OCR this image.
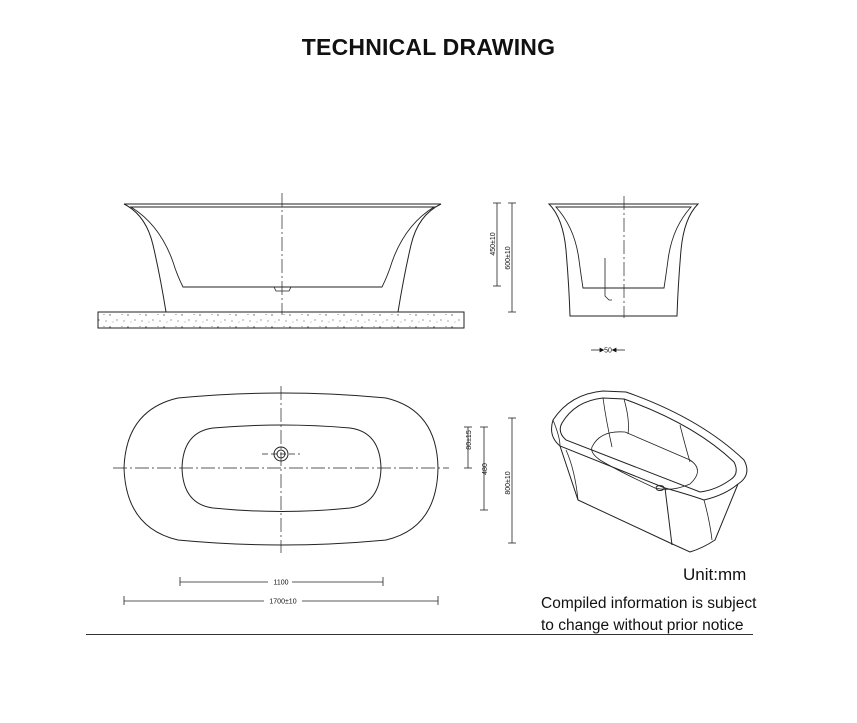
TECHNICAL DRAWING
450±10
600±10
50
80±15
480
800±10
1100
1700±10
Unit:mm
Compiled information is subject
to change without prior notice
